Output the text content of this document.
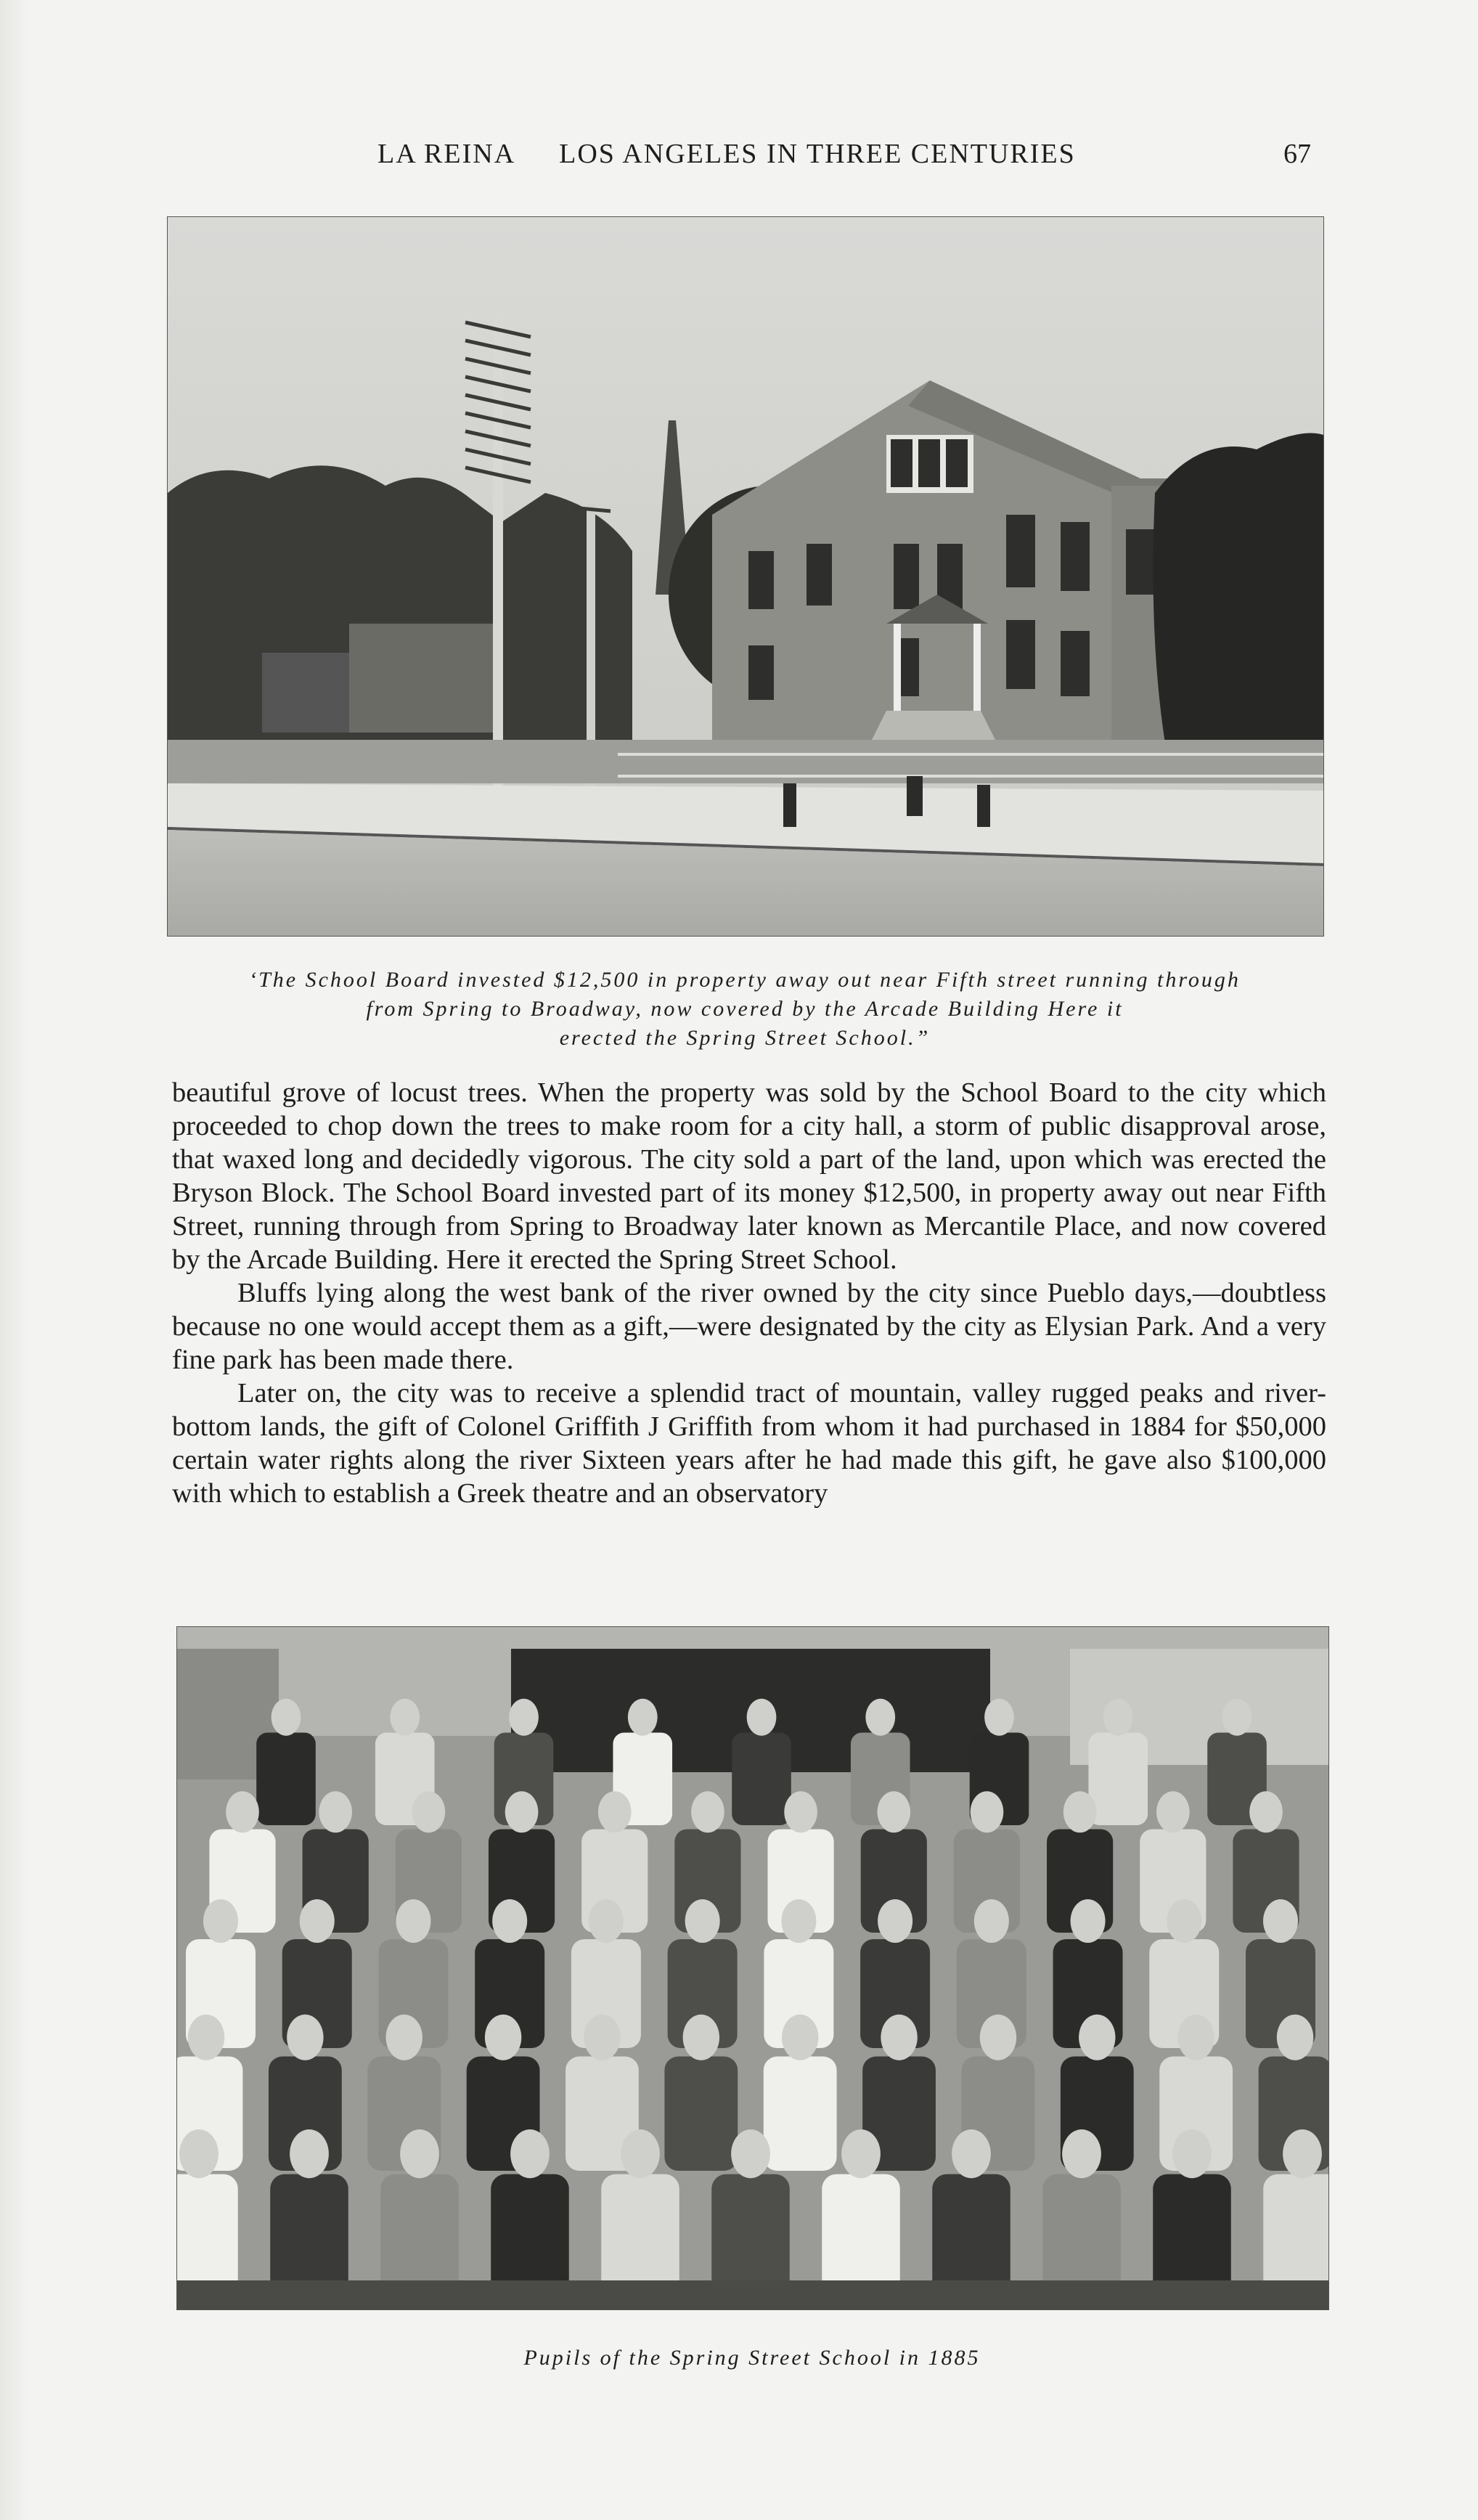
LA REINA LOS ANGELES IN THREE CENTURIES	67
‘The School Board invested $12,500 in property away out near Fifth street running through
from Spring to Broadway, now covered by the Arcade Building Here it
erected the Spring Street School.”

beautiful grove of locust trees. When the property was sold by the School Board to the city which proceeded to chop down the trees to make room for a city hall, a storm of public disapproval arose, that waxed long and decidedly vigorous. The city sold a part of the land, upon which was erected the Bryson Block. The School Board invested part of its money $12,500, in property away out near Fifth Street, running through from Spring to Broadway later known as Mercantile Place, and now covered by the Arcade Building. Here it erected the Spring Street School.

Bluffs lying along the west bank of the river owned by the city since Pueblo days,—doubtless because no one would accept them as a gift,—were designated by the city as Elysian Park. And a very fine park has been made there.

Later on, the city was to receive a splendid tract of mountain, valley rugged peaks and river-bottom lands, the gift of Colonel Griffith J Griffith from whom it had purchased in 1884 for $50,000 certain water rights along the river Sixteen years after he had made this gift, he gave also $100,000 with which to establish a Greek theatre and an observatory

Pupils of the Spring Street School in 1885
